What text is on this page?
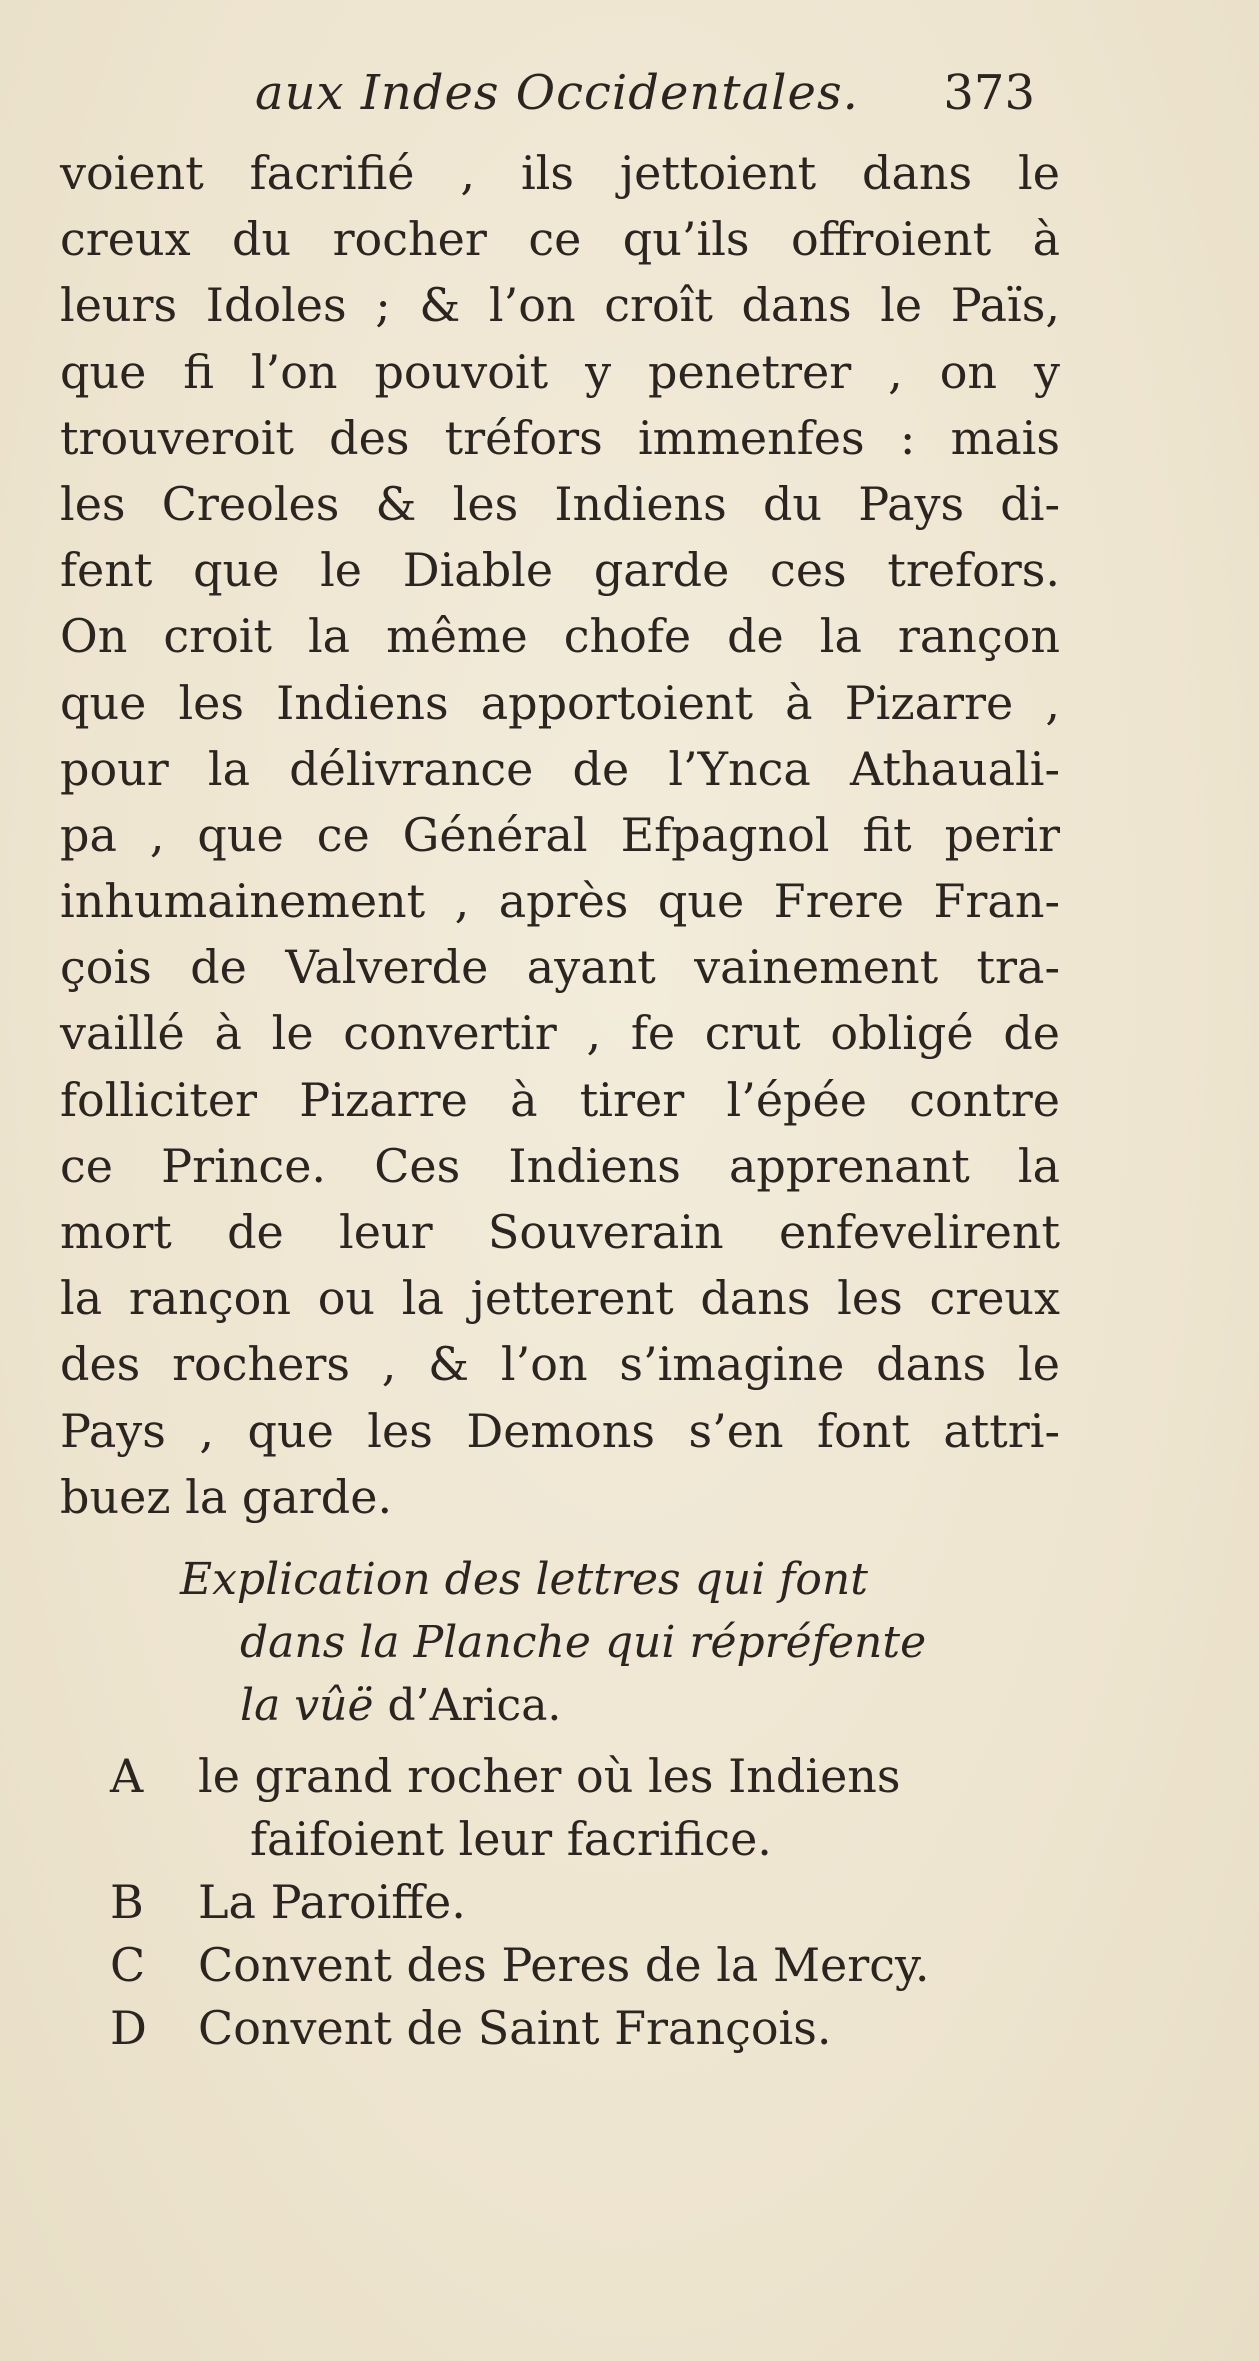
aux Indes Occidentales. 373
voient facrifié , ils jettoient dans le
creux du rocher ce qu’ils offroient à
leurs Idoles ; & l’on croît dans le Païs,
que fi l’on pouvoit y penetrer , on y
trouveroit des tréfors immenfes : mais
les Creoles & les Indiens du Pays di-
fent que le Diable garde ces trefors.
On croit la même chofe de la rançon
que les Indiens apportoient à Pizarre ,
pour la délivrance de l’Ynca Athauali-
pa , que ce Général Efpagnol fit perir
inhumainement , après que Frere Fran-
çois de Valverde ayant vainement tra-
vaillé à le convertir , fe crut obligé de
folliciter Pizarre à tirer l’épée contre
ce Prince. Ces Indiens apprenant la
mort de leur Souverain enfevelirent
la rançon ou la jetterent dans les creux
des rochers , & l’on s’imagine dans le
Pays , que les Demons s’en font attri-
buez la garde.
Explication des lettres qui font
dans la Planche qui répréfente
la vûë d’Arica.
A	le grand rocher où les Indiens
faifoient leur facrifice.
B	La Paroiffe.
C	Convent des Peres de la Mercy.
D Convent de Saint François.
